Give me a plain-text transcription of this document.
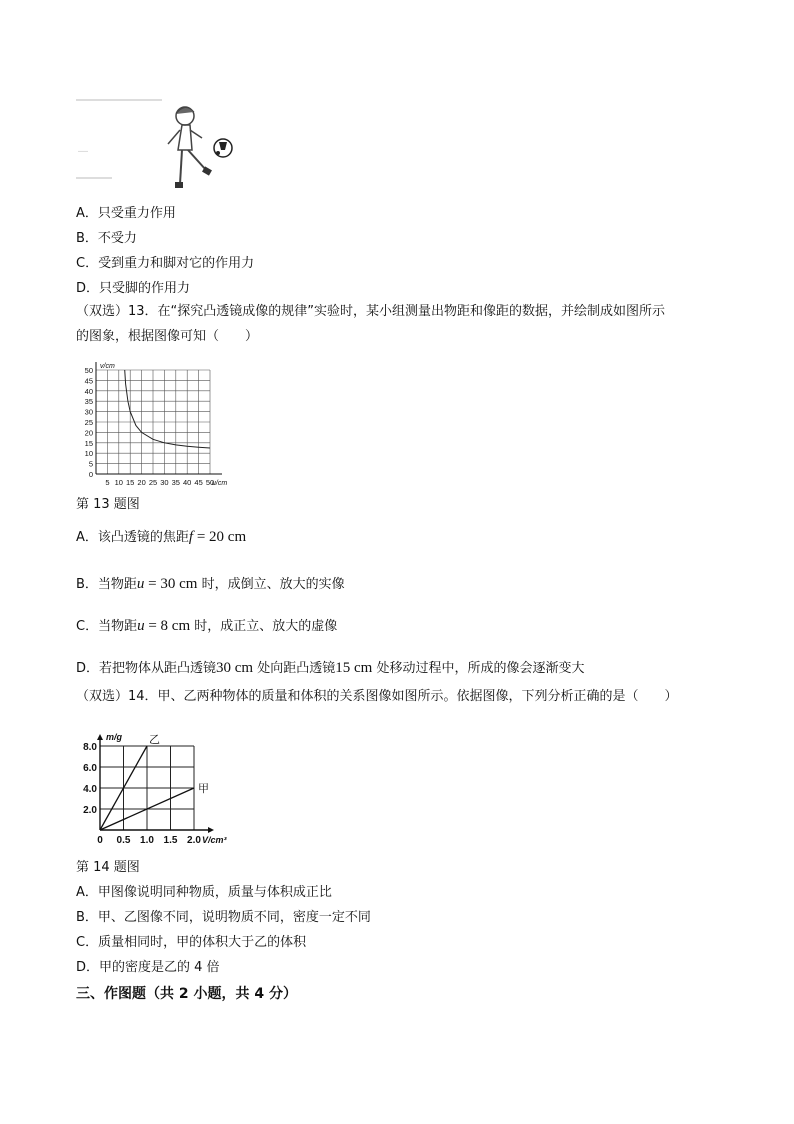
—
A．只受重力作用
B．不受力
C．受到重力和脚对它的作用力
D．只受脚的作用力
（双选）13．在“探究凸透镜成像的规律”实验时，某小组测量出物距和像距的数据，并绘制成如图所示
的图象，根据图像可知（　　）
0
5
10
15
20
25
30
35
40
45
50
5 10 15 20 25 30 35 40 45 50
v/cm
u/cm
第 13 题图
A．该凸透镜的焦距f = 20 cm
B．当物距u = 30 cm 时，成倒立、放大的实像
C．当物距u = 8 cm 时，成正立、放大的虚像
D．若把物体从距凸透镜30 cm 处向距凸透镜15 cm 处移动过程中，所成的像会逐渐变大
（双选）14．甲、乙两种物体的质量和体积的关系图像如图所示。依据图像，下列分析正确的是（　　）
2.0
4.0
6.0
8.0
0 0.5 1.0 1.5 2.0
m/g
V/cm³
甲
乙
第 14 题图
A．甲图像说明同种物质，质量与体积成正比
B．甲、乙图像不同，说明物质不同，密度一定不同
C．质量相同时，甲的体积大于乙的体积
D．甲的密度是乙的 4 倍
三、作图题（共 2 小题，共 4 分）
